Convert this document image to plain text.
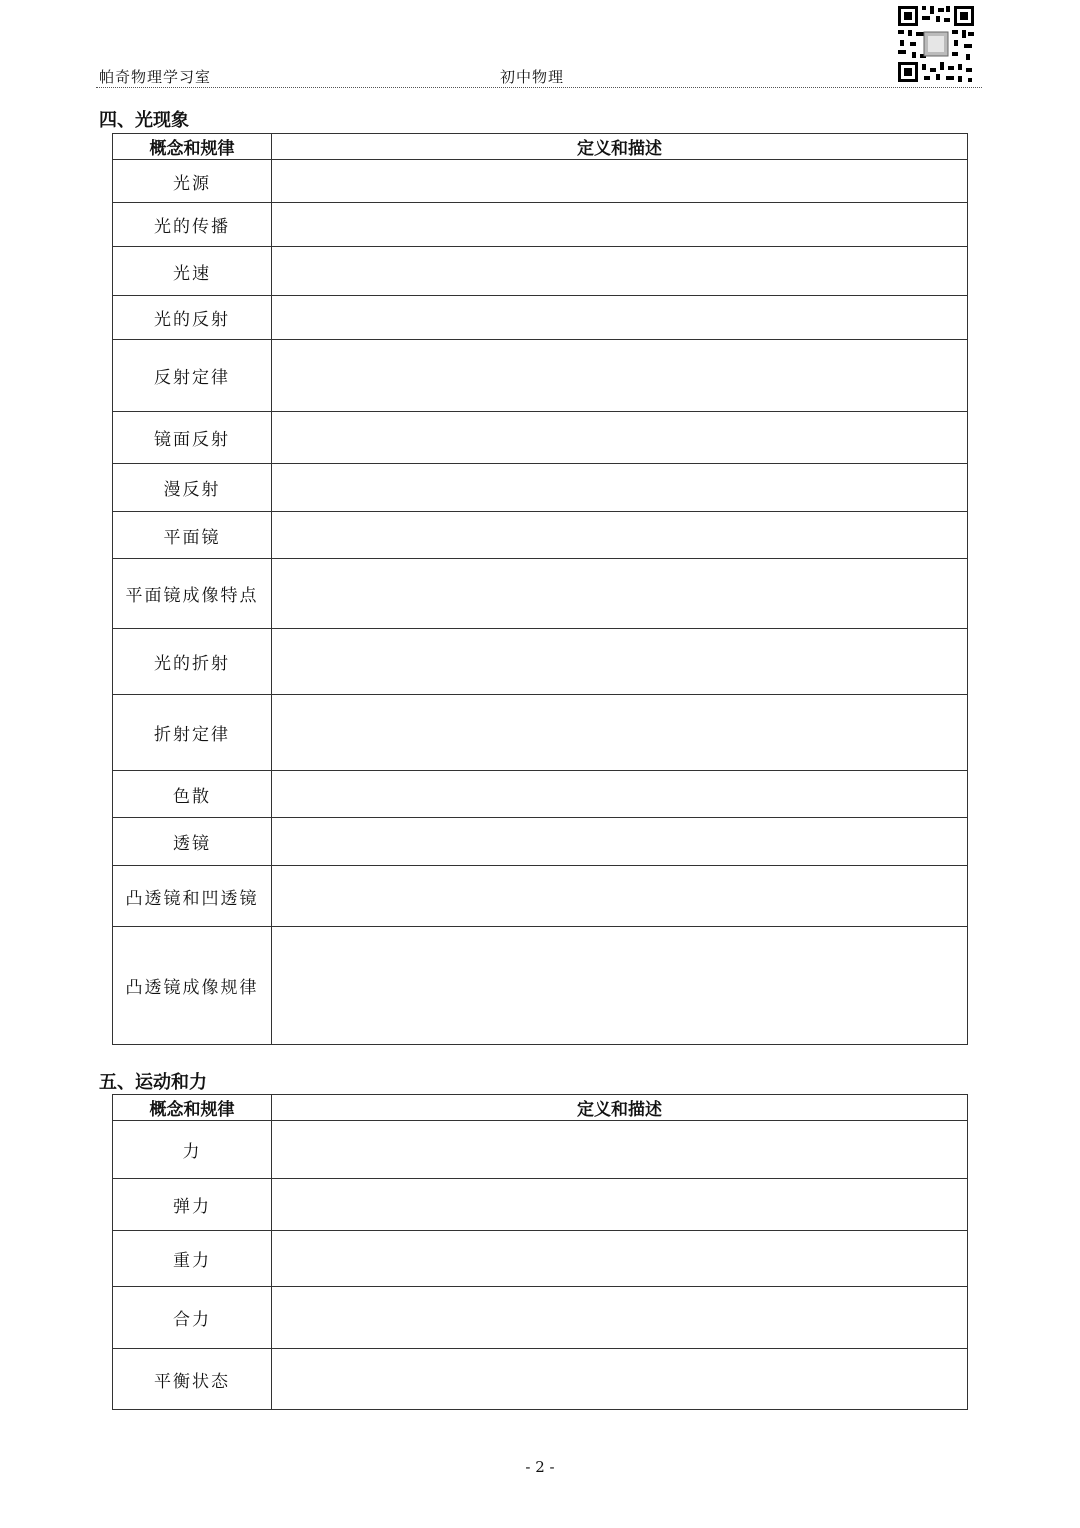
帕奇物理学习室	初中物理
四、光现象
概念和规律	定义和描述
光源	
光的传播	
光速	
光的反射	
反射定律	
镜面反射	
漫反射	
平面镜	
平面镜成像特点	
光的折射	
折射定律	
色散	
透镜	
凸透镜和凹透镜	
凸透镜成像规律	
五、运动和力
概念和规律	定义和描述
力	
弹力	
重力	
合力	
平衡状态	
- 2 -
